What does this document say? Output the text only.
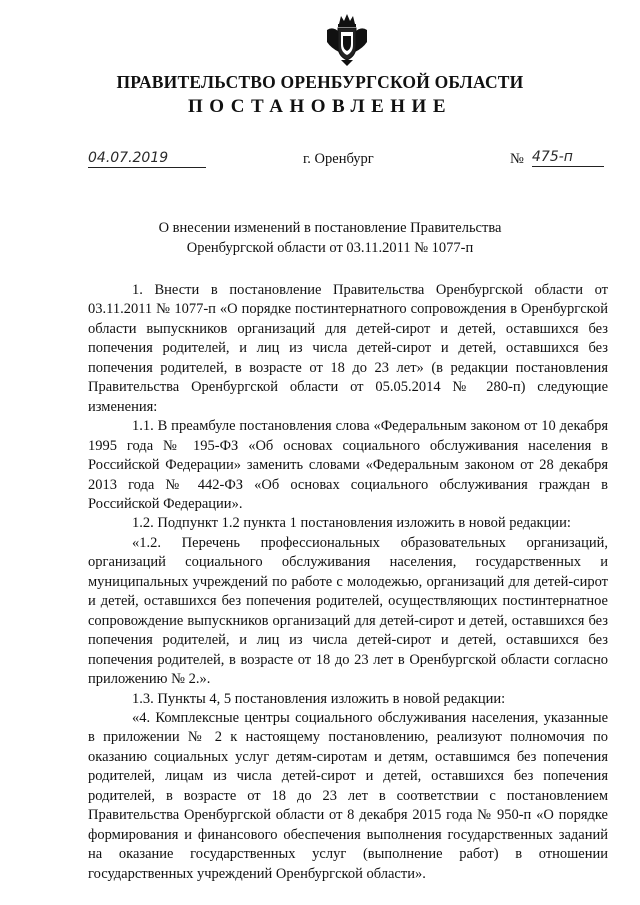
ПРАВИТЕЛЬСТВО ОРЕНБУРГСКОЙ ОБЛАСТИ
ПОСТАНОВЛЕНИЕ
04.07.2019	г. Оренбург	№ 475-п
О внесении изменений в постановление Правительства
Оренбургской области от 03.11.2011 № 1077-п

1. Внести в постановление Правительства Оренбургской области от 03.11.2011 № 1077-п «О порядке постинтернатного сопровождения в Оренбургской области выпускников организаций для детей-сирот и детей, оставшихся без попечения родителей, и лиц из числа детей-сирот и детей, оставшихся без попечения родителей, в возрасте от 18 до 23 лет» (в редакции постановления Правительства Оренбургской области от 05.05.2014 № 280-п) следующие изменения:

1.1. В преамбуле постановления слова «Федеральным законом от 10 декабря 1995 года № 195-ФЗ «Об основах социального обслуживания населения в Российской Федерации» заменить словами «Федеральным законом от 28 декабря 2013 года № 442-ФЗ «Об основах социального обслуживания граждан в Российской Федерации».

1.2. Подпункт 1.2 пункта 1 постановления изложить в новой редакции:

«1.2. Перечень профессиональных образовательных организаций, организаций социального обслуживания населения, государственных и муниципальных учреждений по работе с молодежью, организаций для детей-сирот и детей, оставшихся без попечения родителей, осуществляющих постинтернатное сопровождение выпускников организаций для детей-сирот и детей, оставшихся без попечения родителей, и лиц из числа детей-сирот и детей, оставшихся без попечения родителей, в возрасте от 18 до 23 лет в Оренбургской области согласно приложению № 2.».

1.3. Пункты 4, 5 постановления изложить в новой редакции:

«4. Комплексные центры социального обслуживания населения, указанные в приложении № 2 к настоящему постановлению, реализуют полномочия по оказанию социальных услуг детям-сиротам и детям, оставшимся без попечения родителей, лицам из числа детей-сирот и детей, оставшихся без попечения родителей, в возрасте от 18 до 23 лет в соответствии с постановлением Правительства Оренбургской области от 8 декабря 2015 года № 950-п «О порядке формирования и финансового обеспечения выполнения государственных заданий на оказание государственных услуг (выполнение работ) в отношении государственных учреждений Оренбургской области».
